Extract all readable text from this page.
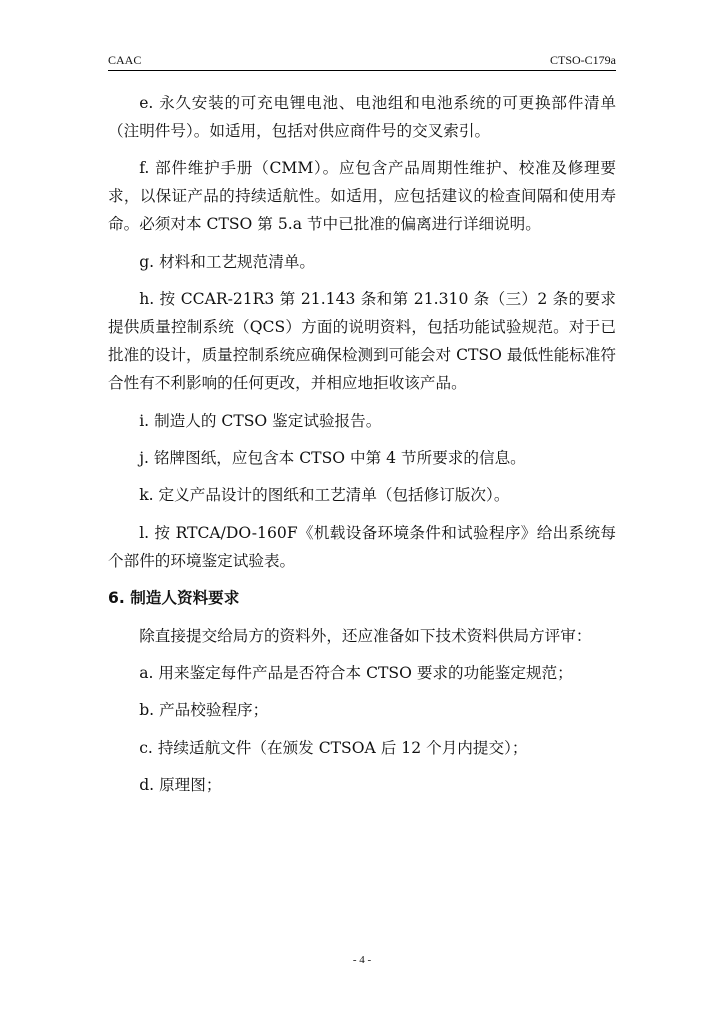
CAAC	CTSO-C179a

e. 永久安装的可充电锂电池、电池组和电池系统的可更换部件清单（注明件号）。如适用，包括对供应商件号的交叉索引。

f. 部件维护手册（CMM）。应包含产品周期性维护、校准及修理要求，以保证产品的持续适航性。如适用，应包括建议的检查间隔和使用寿命。必须对本 CTSO 第 5.a 节中已批准的偏离进行详细说明。

g. 材料和工艺规范清单。

h. 按 CCAR-21R3 第 21.143 条和第 21.310 条（三）2 条的要求提供质量控制系统（QCS）方面的说明资料，包括功能试验规范。对于已批准的设计，质量控制系统应确保检测到可能会对 CTSO 最低性能标准符合性有不利影响的任何更改，并相应地拒收该产品。

i. 制造人的 CTSO 鉴定试验报告。

j. 铭牌图纸，应包含本 CTSO 中第 4 节所要求的信息。

k. 定义产品设计的图纸和工艺清单（包括修订版次）。

l. 按 RTCA/DO-160F《机载设备环境条件和试验程序》给出系统每个部件的环境鉴定试验表。

6. 制造人资料要求

除直接提交给局方的资料外，还应准备如下技术资料供局方评审：

a. 用来鉴定每件产品是否符合本 CTSO 要求的功能鉴定规范；

b. 产品校验程序；

c. 持续适航文件（在颁发 CTSOA 后 12 个月内提交）；

d. 原理图；

- 4 -
